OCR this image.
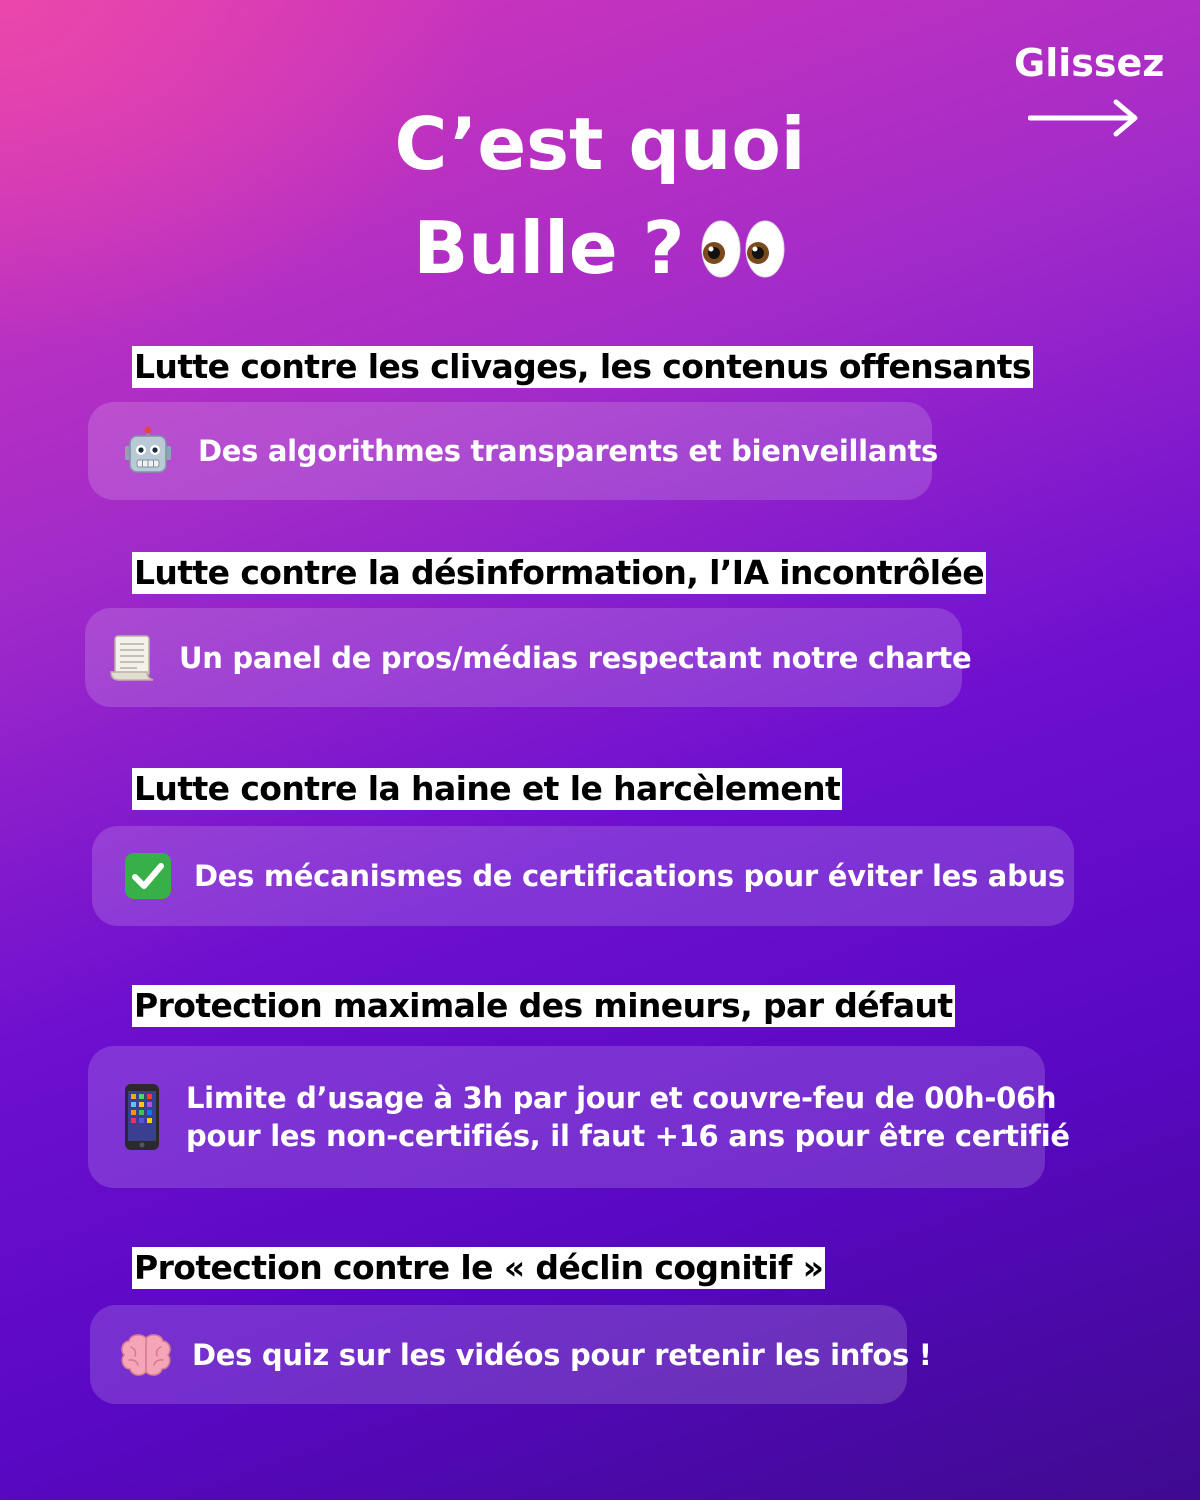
Glissez
C’est quoi
Bulle ?
Lutte contre les clivages, les contenus offensants
Des algorithmes transparents et bienveillants
Lutte contre la désinformation, l’IA incontrôlée
Un panel de pros/médias respectant notre charte
Lutte contre la haine et le harcèlement
Des mécanismes de certifications pour éviter les abus
Protection maximale des mineurs, par défaut
Limite d’usage à 3h par jour et couvre-feu de 00h-06h
pour les non-certifiés, il faut +16 ans pour être certifié
Protection contre le « déclin cognitif »
Des quiz sur les vidéos pour retenir les infos !
